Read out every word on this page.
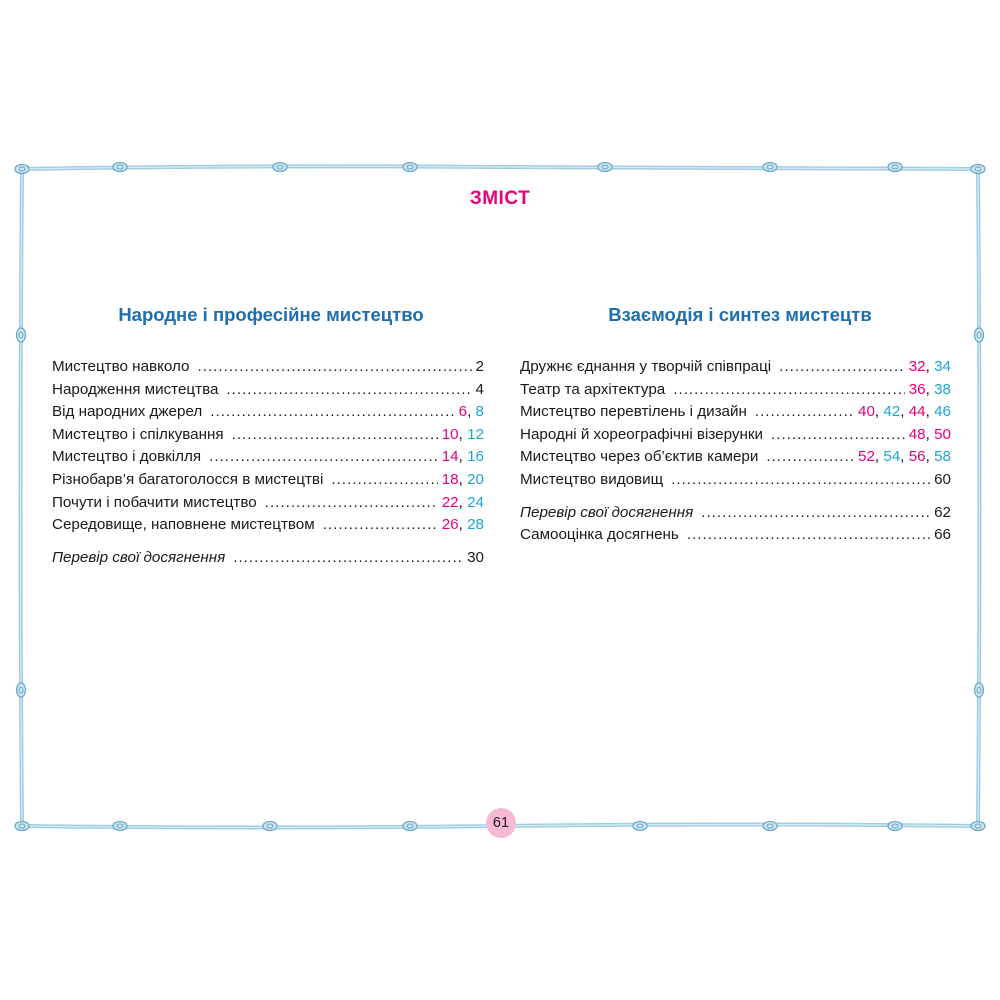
ЗМІСТ
Народне і професійне мистецтво	Взаємодія і синтез мистецтв
Мистецтво навколо .....	2
Народження мистецтва .....	4
Від народних джерел .....	6, 8
Мистецтво і спілкування .....	10, 12
Мистецтво і довкілля .....	14, 16
Різнобарв’я багатоголосся в мистецтві .....	18, 20
Почути і побачити мистецтво .....	22, 24
Середовище, наповнене мистецтвом .....	26, 28
Перевір свої досягнення .....	30
Дружнє єднання у творчій співпраці .....	32, 34
Театр та архітектура .....	36, 38
Мистецтво перевтілень і дизайн .....	40, 42, 44, 46
Народні й хореографічні візерунки .....	48, 50
Мистецтво через об’єктив камери .....	52, 54, 56, 58
Мистецтво видовищ .....	60
Перевір свої досягнення .....	62
Самооцінка досягнень .....	66
61
